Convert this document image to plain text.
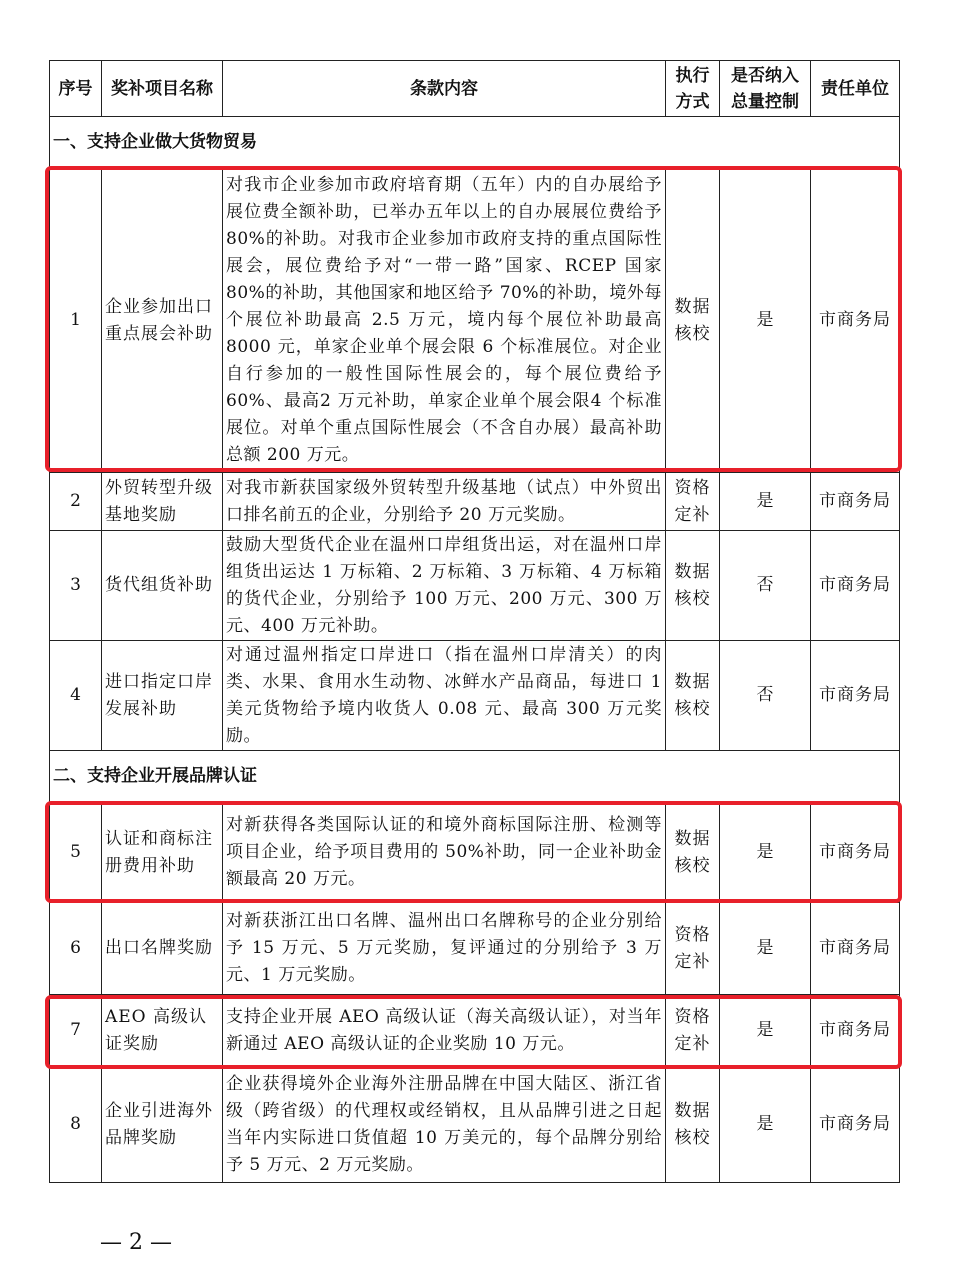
序号	奖补项目名称	条款内容	执行方式	是否纳入总量控制	责任单位
一、支持企业做大货物贸易					
1	企业参加出口重点展会补助	对我市企业参加市政府培育期（五年）内的自办展给予展位费全额补助，已举办五年以上的自办展展位费给予 80%的补助。对我市企业参加市政府支持的重点国际性展会，展位费给予对“一带一路”国家、RCEP 国家 80%的补助，其他国家和地区给予 70%的补助，境外每个展位补助最高 2.5 万元，境内每个展位补助最高 8000 元，单家企业单个展会限 6 个标准展位。对企业自行参加的一般性国际性展会的，每个展位费给予60%、最高2 万元补助，单家企业单个展会限4 个标准展位。对单个重点国际性展会（不含自办展）最高补助总额 200 万元。	数据核校	是	市商务局
2	外贸转型升级基地奖励	对我市新获国家级外贸转型升级基地（试点）中外贸出口排名前五的企业，分别给予 20 万元奖励。	资格定补	是	市商务局
3	货代组货补助	鼓励大型货代企业在温州口岸组货出运，对在温州口岸组货出运达 1 万标箱、2 万标箱、3 万标箱、4 万标箱的货代企业，分别给予 100 万元、200 万元、300 万元、400 万元补助。	数据核校	否	市商务局
4	进口指定口岸发展补助	对通过温州指定口岸进口（指在温州口岸清关）的肉类、水果、食用水生动物、冰鲜水产品商品，每进口 1 美元货物给予境内收货人 0.08 元、最高 300 万元奖励。	数据核校	否	市商务局
二、支持企业开展品牌认证					
5	认证和商标注册费用补助	对新获得各类国际认证的和境外商标国际注册、检测等项目企业，给予项目费用的 50%补助，同一企业补助金额最高 20 万元。	数据核校	是	市商务局
6	出口名牌奖励	对新获浙江出口名牌、温州出口名牌称号的企业分别给予 15 万元、5 万元奖励，复评通过的分别给予 3 万元、1 万元奖励。	资格定补	是	市商务局
7	AEO 高级认证奖励	支持企业开展 AEO 高级认证（海关高级认证），对当年新通过 AEO 高级认证的企业奖励 10 万元。	资格定补	是	市商务局
8	企业引进海外品牌奖励	企业获得境外企业海外注册品牌在中国大陆区、浙江省级（跨省级）的代理权或经销权，且从品牌引进之日起当年内实际进口货值超 10 万美元的，每个品牌分别给予 5 万元、2 万元奖励。	数据核校	是	市商务局
— 2 —
